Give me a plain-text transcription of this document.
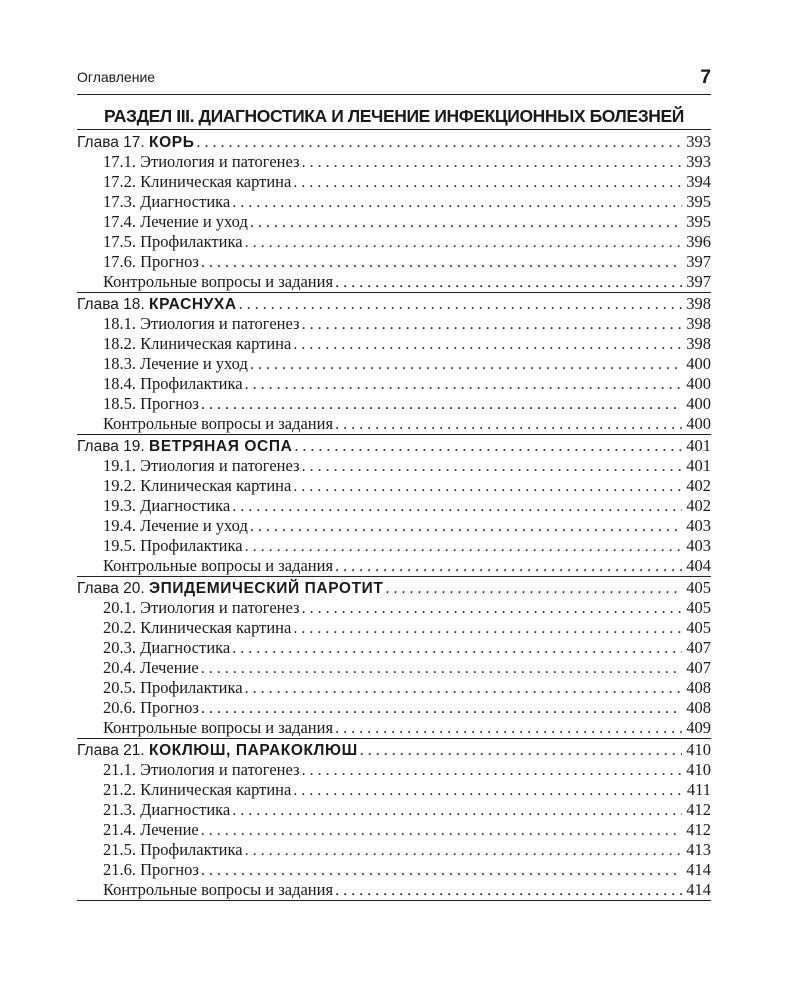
Оглавление	7
РАЗДЕЛ III. ДИАГНОСТИКА И ЛЕЧЕНИЕ ИНФЕКЦИОННЫХ БОЛЕЗНЕЙ
Глава 17. КОРЬ . . .	393
17.1. Этиология и патогенез . . .	393
17.2. Клиническая картина . . .	394
17.3. Диагностика . . .	395
17.4. Лечение и уход . . .	395
17.5. Профилактика . . .	396
17.6. Прогноз . . .	397
Контрольные вопросы и задания . . .	397
Глава 18. КРАСНУХА . . .	398
18.1. Этиология и патогенез . . .	398
18.2. Клиническая картина . . .	398
18.3. Лечение и уход . . .	400
18.4. Профилактика . . .	400
18.5. Прогноз . . .	400
Контрольные вопросы и задания . . .	400
Глава 19. ВЕТРЯНАЯ ОСПА . . .	401
19.1. Этиология и патогенез . . .	401
19.2. Клиническая картина . . .	402
19.3. Диагностика . . .	402
19.4. Лечение и уход . . .	403
19.5. Профилактика . . .	403
Контрольные вопросы и задания . . .	404
Глава 20. ЭПИДЕМИЧЕСКИЙ ПАРОТИТ . . .	405
20.1. Этиология и патогенез . . .	405
20.2. Клиническая картина . . .	405
20.3. Диагностика . . .	407
20.4. Лечение . . .	407
20.5. Профилактика . . .	408
20.6. Прогноз . . .	408
Контрольные вопросы и задания . . .	409
Глава 21. КОКЛЮШ, ПАРАКОКЛЮШ . . .	410
21.1. Этиология и патогенез . . .	410
21.2. Клиническая картина . . .	411
21.3. Диагностика . . .	412
21.4. Лечение . . .	412
21.5. Профилактика . . .	413
21.6. Прогноз . . .	414
Контрольные вопросы и задания . . .	414
